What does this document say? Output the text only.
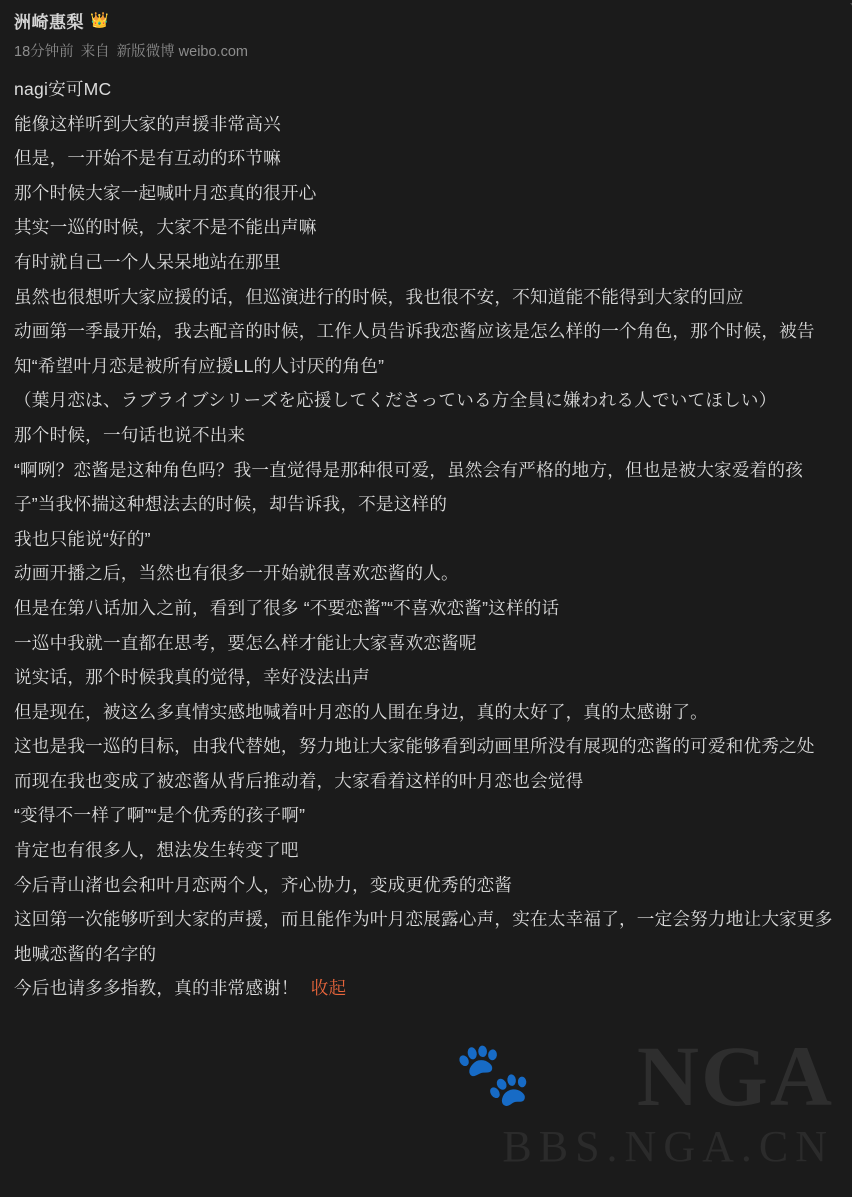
NGA
BBS.NGA.CN
🐾
洲崎惠梨 👑
18分钟前 来自 新版微博 weibo.com

nagi安可MC

能像这样听到大家的声援非常高兴

但是，一开始不是有互动的环节嘛

那个时候大家一起喊叶月恋真的很开心

其实一巡的时候，大家不是不能出声嘛

有时就自己一个人呆呆地站在那里

虽然也很想听大家应援的话，但巡演进行的时候，我也很不安，不知道能不能得到大家的回应

动画第一季最开始，我去配音的时候，工作人员告诉我恋酱应该是怎么样的一个角色，那个时候，被告知“希望叶月恋是被所有应援LL的人讨厌的角色”

（葉月恋は、ラブライブシリーズを応援してくださっている方全員に嫌われる人でいてほしい）

那个时候，一句话也说不出来

“啊咧？恋酱是这种角色吗？我一直觉得是那种很可爱，虽然会有严格的地方，但也是被大家爱着的孩子”当我怀揣这种想法去的时候，却告诉我，不是这样的

我也只能说“好的”

动画开播之后，当然也有很多一开始就很喜欢恋酱的人。

但是在第八话加入之前，看到了很多 “不要恋酱”“不喜欢恋酱”这样的话

一巡中我就一直都在思考，要怎么样才能让大家喜欢恋酱呢

说实话，那个时候我真的觉得，幸好没法出声

但是现在，被这么多真情实感地喊着叶月恋的人围在身边，真的太好了，真的太感谢了。

这也是我一巡的目标，由我代替她，努力地让大家能够看到动画里所没有展现的恋酱的可爱和优秀之处

而现在我也变成了被恋酱从背后推动着，大家看着这样的叶月恋也会觉得

“变得不一样了啊”“是个优秀的孩子啊”

肯定也有很多人，想法发生转变了吧

今后青山渚也会和叶月恋两个人，齐心协力，变成更优秀的恋酱

这回第一次能够听到大家的声援，而且能作为叶月恋展露心声，实在太幸福了，一定会努力地让大家更多地喊恋酱的名字的

今后也请多多指教，真的非常感谢！ 收起
